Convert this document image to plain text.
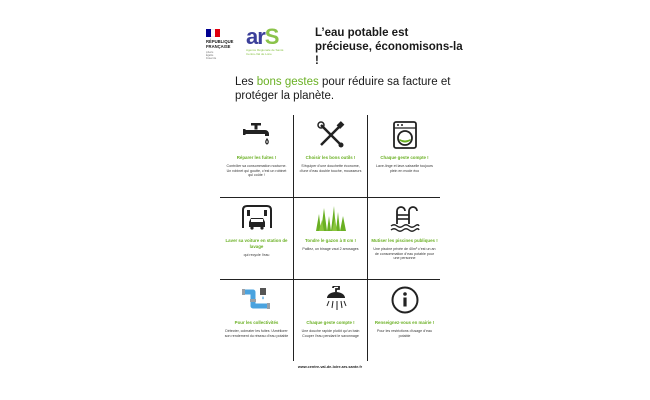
RÉPUBLIQUE
FRANÇAISE
Liberté
Égalité
Fraternité
arS
Agence Régionale de Santé Centre-Val de Loire
L’eau potable est précieuse, économisons-la !
Les bons gestes pour réduire sa facture et protéger la planète.
Réparer les fuites !
Contrôler sa consommation nocturne. Un robinet qui goutte, c’est un robinet qui coûte !
Choisir les bons outils !
S’équiper d’une douchette économe, d’une d’eau double touche, mousseurs
Chaque geste compte !
Lave-linge et lave-vaisselle toujours plein en mode éco
Laver sa voiture en station de lavage
qui recycle l’eau
Tondre le gazon à 8 cm !
Paillez, un binage vaut 2 arrosages
Mutiser les piscines publiques !
Une piscine privée de 40m³ c’est un an de consommation d’eau potable pour une personne
Pour les collectivités
Détecter, colmater les fuites ! Améliorer son rendement du réseau d’eau potable
Chaque geste compte !
Une douche rapide plutôt qu’un bain Couper l’eau pendant le savonnage
Renseignez-vous en mairie !
Pour les restrictions d’usage d’eau potable
www.centre-val-de-loire.ars.sante.fr
